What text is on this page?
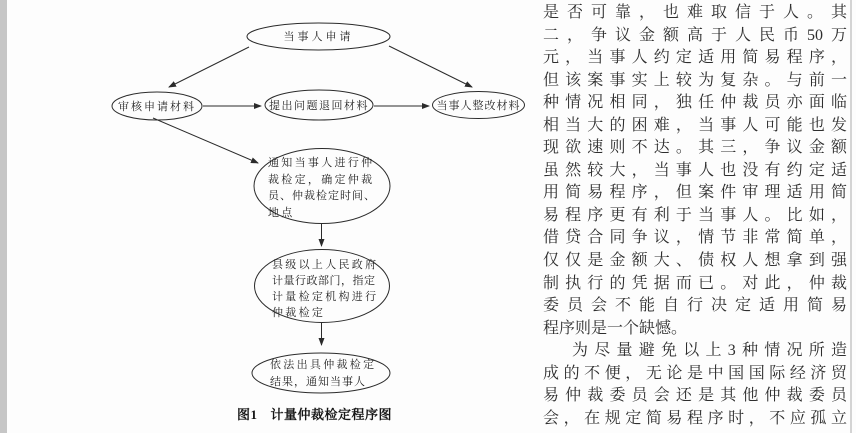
当事人申请
审核申请材料	提出问题退回材料	当事人整改材料
通知当事人进行仲
裁检定，确定仲裁
员、仲裁检定时间、
地点
县级以上人民政府
计量行政部门，指定
计量检定机构进行
仲裁检定
依法出具仲裁检定
结果，通知当事人
图1 计量仲裁检定程序图
是否可靠，也难取信于人。其
二，争议金额高于人民币50万
元，当事人约定适用简易程序，
但该案事实上较为复杂。与前一
种情况相同，独任仲裁员亦面临
相当大的困难，当事人可能也发
现欲速则不达。其三，争议金额
虽然较大，当事人也没有约定适
用简易程序，但案件审理适用简
易程序更有利于当事人。比如，
借贷合同争议，情节非常简单，
仅仅是金额大、债权人想拿到强
制执行的凭据而已。对此，仲裁
委员会不能自行决定适用简易
程序则是一个缺憾。
为尽量避免以上3种情况所造
成的不便，无论是中国国际经济贸
易仲裁委员会还是其他仲裁委员
会，在规定简易程序时，不应孤立
